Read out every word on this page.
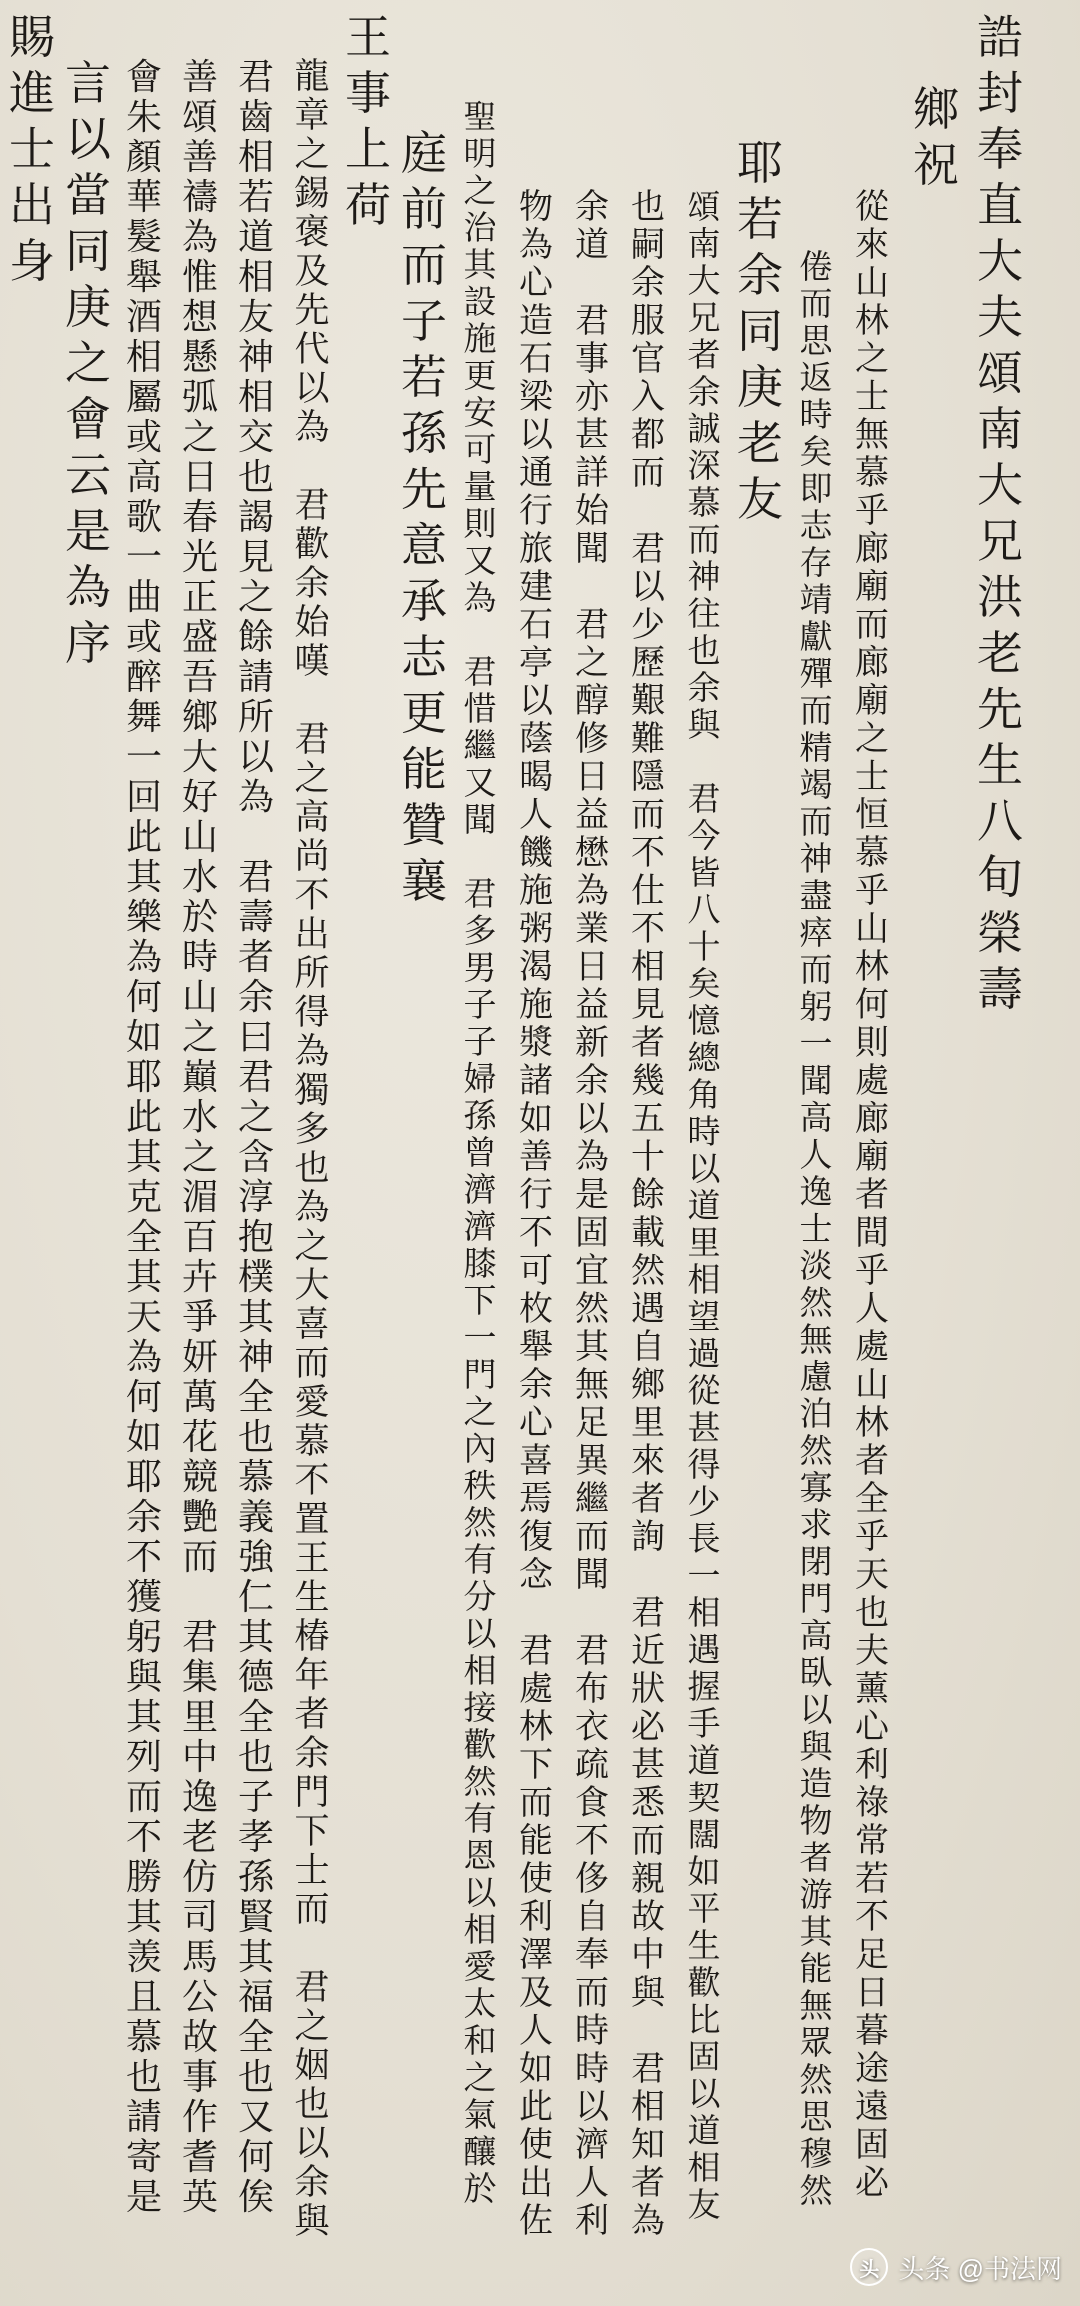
誥
封
奉
直
大
夫
頌
南
大
兄
洪
老
先
生
八
旬
榮
壽
鄉
祝
從
來
山
林
之
士
無
慕
乎
廊
廟
而
廊
廟
之
士
恒
慕
乎
山
林
何
則
處
廊
廟
者
間
乎
人
處
山
林
者
全
乎
天
也
夫
薰
心
利
祿
常
若
不
足
日
暮
途
遠
固
必
倦
而
思
返
時
矣
即
志
存
靖
獻
殫
而
精
竭
而
神
盡
瘁
而
躬
一
聞
高
人
逸
士
淡
然
無
慮
泊
然
寡
求
閉
門
高
臥
以
與
造
物
者
游
其
能
無
眾
然
思
穆
然
耶
若
余
同
庚
老
友
頌
南
大
兄
者
余
誠
深
慕
而
神
往
也
余
與

君
今
皆
八
十
矣
憶
總
角
時
以
道
里
相
望
過
從
甚
得
少
長
一
相
遇
握
手
道
契
闊
如
平
生
歡
比
固
以
道
相
友
也
嗣
余
服
官
入
都
而

君
以
少
歷
艱
難
隱
而
不
仕
不
相
見
者
幾
五
十
餘
載
然
遇
自
鄉
里
來
者
詢

君
近
狀
必
甚
悉
而
親
故
中
與

君
相
知
者
為
余
道

君
事
亦
甚
詳
始
聞

君
之
醇
修
日
益
懋
為
業
日
益
新
余
以
為
是
固
宜
然
其
無
足
異
繼
而
聞

君
布
衣
疏
食
不
侈
自
奉
而
時
時
以
濟
人
利
物
為
心
造
石
梁
以
通
行
旅
建
石
亭
以
蔭
暍
人
饑
施
粥
渴
施
漿
諸
如
善
行
不
可
枚
舉
余
心
喜
焉
復
念

君
處
林
下
而
能
使
利
澤
及
人
如
此
使
出
佐
聖
明
之
治
其
設
施
更
安
可
量
則
又
為

君
惜
繼
又
聞

君
多
男
子
子
婦
孫
曾
濟
濟
膝
下
一
門
之
內
秩
然
有
分
以
相
接
歡
然
有
恩
以
相
愛
太
和
之
氣
釀
於
庭
前
而
子
若
孫
先
意
承
志
更
能
贊
襄
王
事
上
荷
龍
章
之
錫
褒
及
先
代
以
為

君
歡
余
始
嘆

君
之
高
尚
不
出
所
得
為
獨
多
也
為
之
大
喜
而
愛
慕
不
置
王
生
椿
年
者
余
門
下
士
而

君
之
姻
也
以
余
與
君
齒
相
若
道
相
友
神
相
交
也
謁
見
之
餘
請
所
以
為

君
壽
者
余
曰
君
之
含
淳
抱
樸
其
神
全
也
慕
義
強
仁
其
德
全
也
子
孝
孫
賢
其
福
全
也
又
何
俟
善
頌
善
禱
為
惟
想
懸
弧
之
日
春
光
正
盛
吾
鄉
大
好
山
水
於
時
山
之
巔
水
之
湄
百
卉
爭
妍
萬
花
競
艷
而

君
集
里
中
逸
老
仿
司
馬
公
故
事
作
耆
英
會
朱
顏
華
髮
舉
酒
相
屬
或
高
歌
一
曲
或
醉
舞
一
回
此
其
樂
為
何
如
耶
此
其
克
全
其
天
為
何
如
耶
余
不
獲
躬
與
其
列
而
不
勝
其
羡
且
慕
也
請
寄
是
言
以
當
同
庚
之
會
云
是
為
序
賜
進
士
出
身
头 头条 @书法网
